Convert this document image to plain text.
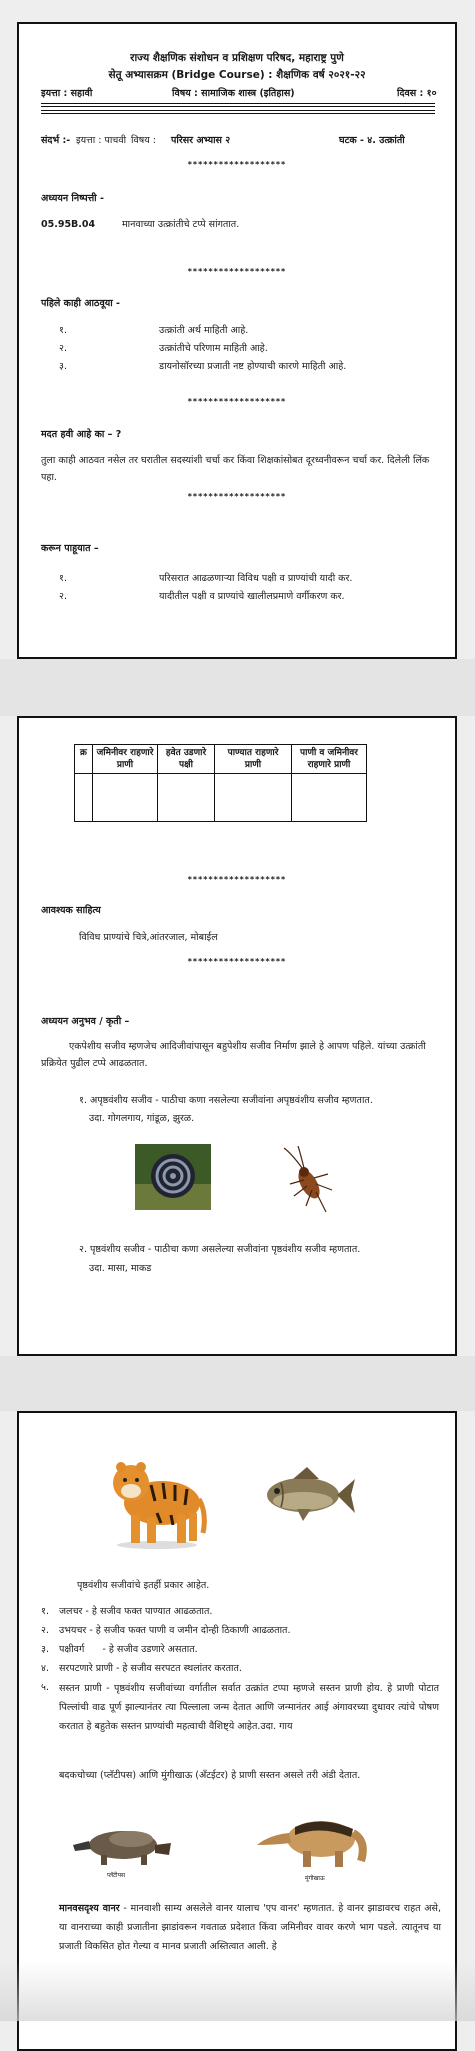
राज्य शैक्षणिक संशोधन व प्रशिक्षण परिषद, महाराष्ट्र पुणे
सेतू अभ्यासक्रम (Bridge Course) : शैक्षणिक वर्ष २०२१-२२
इयत्ता : सहावी	विषय : सामाजिक शास्त्र (इतिहास)	दिवस : १०
संदर्भ :- इयत्ता : पाचवी विषय : परिसर अभ्यास २	घटक - ४. उत्क्रांती
*******************
अध्ययन निष्पत्ती -
05.95B.04	मानवाच्या उत्क्रांतीचे टप्पे सांगतात.
*******************
पहिले काही आठवूया -
१.	उत्क्रांती अर्थ माहिती आहे.
२.	उत्क्रांतीचे परिणाम माहिती आहे.
३.	डायनोसॉरच्या प्रजाती नष्ट होण्याची कारणे माहिती आहे.
*******************
मदत हवी आहे का – ?
तुला काही आठवत नसेल तर घरातील सदस्यांशी चर्चा कर किंवा शिक्षकांसोबत दूरध्वनीवरून चर्चा कर. दिलेली लिंक पहा.
*******************
करून पाहूयात –
१.	परिसरात आढळणाऱ्या विविध पक्षी व प्राण्यांची यादी कर.
२.	यादीतील पक्षी व प्राण्यांचे खालीलप्रमाणे वर्गीकरण कर.
क्र	जमिनीवर राहणारे प्राणी	हवेत उडणारे पक्षी	पाण्यात राहणारे प्राणी	पाणी व जमिनीवर राहणारे प्राणी

*******************
आवश्यक साहित्य
विविध प्राण्यांचे चित्रे,आंतरजाल, मोबाईल
*******************
अध्ययन अनुभव / कृती –
एकपेशीय सजीव म्हणजेच आदिजीवांपासून बहुपेशीय सजीव निर्माण झाले हे आपण पहिले. यांच्या उत्क्रांती प्रक्रियेत पुढील टप्पे आढळतात.
१. अपृष्ठवंशीय सजीव - पाठीचा कणा नसलेल्या सजीवांना अपृष्ठवंशीय सजीव म्हणतात.
उदा. गोगलगाय, गांडूळ, झुरळ.
२. पृष्ठवंशीय सजीव - पाठीचा कणा असलेल्या सजीवांना पृष्ठवंशीय सजीव म्हणतात.
उदा. मासा, माकड
पृष्ठवंशीय सजीवांचे इतर्ही प्रकार आहेत.
१. जलचर - हे सजीव फक्त पाण्यात आढळतात.
२. उभयचर - हे सजीव फक्त पाणी व जमीन दोन्ही ठिकाणी आढळतात.
३. पक्षीवर्ग      - हे सजीव उडणारे असतात.
४. सरपटणारे प्राणी - हे सजीव सरपटत स्थलांतर करतात.
५. सस्तन प्राणी - पृष्ठवंशीय सजीवांच्या वर्गातील सर्वात उत्क्रांत टप्पा म्हणजे सस्तन प्राणी होय. हे प्राणी पोटात पिल्लांची वाढ पूर्ण झाल्यानंतर त्या पिल्लाला जन्म देतात आणि जन्मानंतर आई अंगावरच्या दुधावर त्यांचे पोषण करतात हे बहुतेक सस्तन प्राण्यांची महत्वाची वैशिष्ट्ये आहेत.उदा. गाय
बदकचोच्या (प्लॅटीपस) आणि मुंगीखाऊ (अँटईटर) हे प्राणी सस्तन असले तरी अंडी देतात.
प्लॅटीपस	मुंगीखाऊ
मानवसदृश्य वानर - मानवाशी साम्य असलेले वानर यालाच 'एप वानर' म्हणतात. हे वानर झाडावरच राहत असे, या वानराच्या काही प्रजातीना झाडांवरून गवताळ प्रदेशात किंवा जमिनीवर वावर करणे भाग पडले. त्यातूनच या प्रजाती विकसित होत गेल्या व मानव प्रजाती अस्तित्वात आली. हे
